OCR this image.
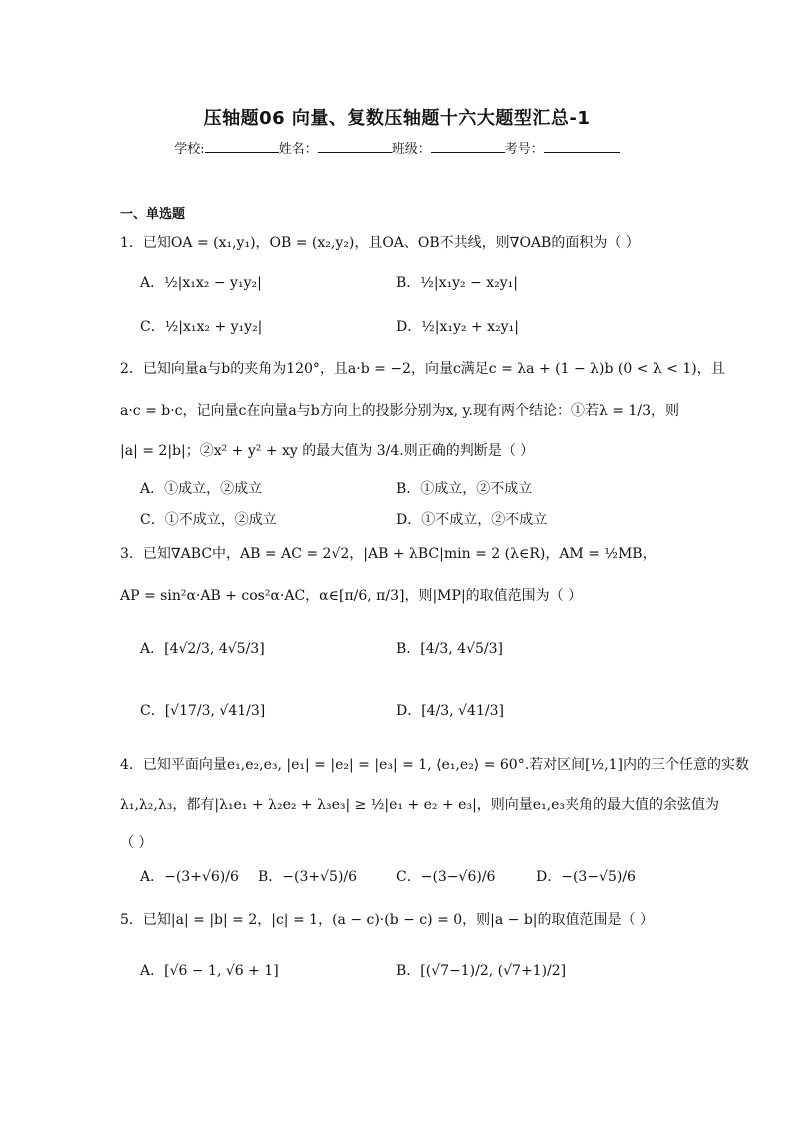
压轴题06 向量、复数压轴题十六大题型汇总-1
学校:	姓名：	班级：	考号：
一、单选题
1．已知OA = (x₁,y₁)，OB = (x₂,y₂)，且OA、OB不共线，则∇OAB的面积为（ ）
A．½|x₁x₂ − y₁y₂|	B．½|x₁y₂ − x₂y₁|
C．½|x₁x₂ + y₁y₂|	D．½|x₁y₂ + x₂y₁|
2．已知向量a与b的夹角为120°，且a·b = −2，向量c满足c = λa + (1 − λ)b (0 < λ < 1)，且
a·c = b·c，记向量c在向量a与b方向上的投影分别为x, y.现有两个结论：①若λ = 1/3，则
|a| = 2|b|；②x² + y² + xy 的最大值为 3/4.则正确的判断是（ ）
A．①成立，②成立	B．①成立，②不成立
C．①不成立，②成立	D．①不成立，②不成立
3．已知∇ABC中，AB = AC = 2√2，|AB + λBC|min = 2 (λ∈R)，AM = ½MB，
AP = sin²α·AB + cos²α·AC，α∈[π/6, π/3]，则|MP|的取值范围为（ ）
A．[4√2/3, 4√5/3]	B．[4/3, 4√5/3]
C．[√17/3, √41/3]	D．[4/3, √41/3]
4．已知平面向量e₁,e₂,e₃, |e₁| = |e₂| = |e₃| = 1, ⟨e₁,e₂⟩ = 60°.若对区间[½,1]内的三个任意的实数
λ₁,λ₂,λ₃，都有|λ₁e₁ + λ₂e₂ + λ₃e₃| ≥ ½|e₁ + e₂ + e₃|，则向量e₁,e₃夹角的最大值的余弦值为
（ ）
A．−(3+√6)/6 B．−(3+√5)/6	C．−(3−√6)/6	D．−(3−√5)/6
5．已知|a| = |b| = 2，|c| = 1，(a − c)·(b − c) = 0，则|a − b|的取值范围是（ ）
A．[√6 − 1, √6 + 1]	B．[(√7−1)/2, (√7+1)/2]
